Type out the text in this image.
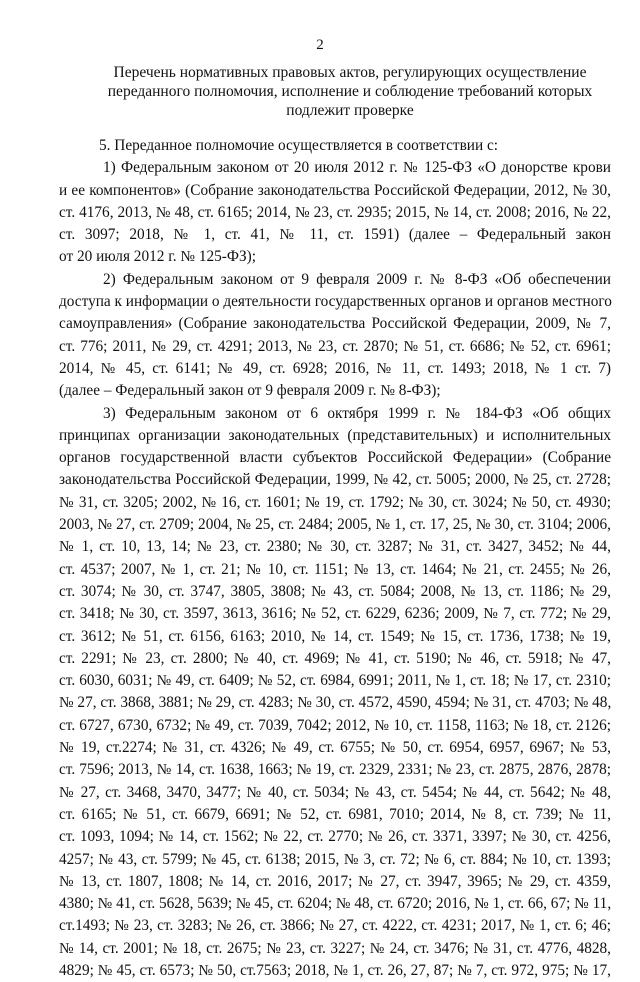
2
Перечень нормативных правовых актов, регулирующих осуществление
переданного полномочия, исполнение и соблюдение требований которых
подлежит проверке
5. Переданное полномочие осуществляется в соответствии с:
1) Федеральным законом от 20 июля 2012 г. № 125-ФЗ «О донорстве крови
и ее компонентов» (Собрание законодательства Российской Федерации, 2012, № 30,
ст. 4176, 2013, № 48, ст. 6165; 2014, № 23, ст. 2935; 2015, № 14, ст. 2008; 2016, № 22,
ст. 3097; 2018, № 1, ст. 41, № 11, ст. 1591) (далее – Федеральный закон
от 20 июля 2012 г. № 125-ФЗ);
2) Федеральным законом от 9 февраля 2009 г. № 8-ФЗ «Об обеспечении
доступа к информации о деятельности государственных органов и органов местного
самоуправления» (Собрание законодательства Российской Федерации, 2009, № 7,
ст. 776; 2011, № 29, ст. 4291; 2013, № 23, ст. 2870; № 51, ст. 6686; № 52, ст. 6961;
2014, № 45, ст. 6141; № 49, ст. 6928; 2016, № 11, ст. 1493; 2018, № 1 ст. 7)
(далее – Федеральный закон от 9 февраля 2009 г. № 8-ФЗ);
3) Федеральным законом от 6 октября 1999 г. № 184-ФЗ «Об общих
принципах организации законодательных (представительных) и исполнительных
органов государственной власти субъектов Российской Федерации» (Собрание
законодательства Российской Федерации, 1999, № 42, ст. 5005; 2000, № 25, ст. 2728;
№ 31, ст. 3205; 2002, № 16, ст. 1601; № 19, ст. 1792; № 30, ст. 3024; № 50, ст. 4930;
2003, № 27, ст. 2709; 2004, № 25, ст. 2484; 2005, № 1, ст. 17, 25, № 30, ст. 3104; 2006,
№ 1, ст. 10, 13, 14; № 23, ст. 2380; № 30, ст. 3287; № 31, ст. 3427, 3452; № 44,
ст. 4537; 2007, № 1, ст. 21; № 10, ст. 1151; № 13, ст. 1464; № 21, ст. 2455; № 26,
ст. 3074; № 30, ст. 3747, 3805, 3808; № 43, ст. 5084; 2008, № 13, ст. 1186; № 29,
ст. 3418; № 30, ст. 3597, 3613, 3616; № 52, ст. 6229, 6236; 2009, № 7, ст. 772; № 29,
ст. 3612; № 51, ст. 6156, 6163; 2010, № 14, ст. 1549; № 15, ст. 1736, 1738; № 19,
ст. 2291; № 23, ст. 2800; № 40, ст. 4969; № 41, ст. 5190; № 46, ст. 5918; № 47,
ст. 6030, 6031; № 49, ст. 6409; № 52, ст. 6984, 6991; 2011, № 1, ст. 18; № 17, ст. 2310;
№ 27, ст. 3868, 3881; № 29, ст. 4283; № 30, ст. 4572, 4590, 4594; № 31, ст. 4703; № 48,
ст. 6727, 6730, 6732; № 49, ст. 7039, 7042; 2012, № 10, ст. 1158, 1163; № 18, ст. 2126;
№ 19, ст.2274; № 31, ст. 4326; № 49, ст. 6755; № 50, ст. 6954, 6957, 6967; № 53,
ст. 7596; 2013, № 14, ст. 1638, 1663; № 19, ст. 2329, 2331; № 23, ст. 2875, 2876, 2878;
№ 27, ст. 3468, 3470, 3477; № 40, ст. 5034; № 43, ст. 5454; № 44, ст. 5642; № 48,
ст. 6165; № 51, ст. 6679, 6691; № 52, ст. 6981, 7010; 2014, № 8, ст. 739; № 11,
ст. 1093, 1094; № 14, ст. 1562; № 22, ст. 2770; № 26, ст. 3371, 3397; № 30, ст. 4256,
4257; № 43, ст. 5799; № 45, ст. 6138; 2015, № 3, ст. 72; № 6, ст. 884; № 10, ст. 1393;
№ 13, ст. 1807, 1808; № 14, ст. 2016, 2017; № 27, ст. 3947, 3965; № 29, ст. 4359,
4380; № 41, ст. 5628, 5639; № 45, ст. 6204; № 48, ст. 6720; 2016, № 1, ст. 66, 67; № 11,
ст.1493; № 23, ст. 3283; № 26, ст. 3866; № 27, ст. 4222, ст. 4231; 2017, № 1, ст. 6; 46;
№ 14, ст. 2001; № 18, ст. 2675; № 23, ст. 3227; № 24, ст. 3476; № 31, ст. 4776, 4828,
4829; № 45, ст. 6573; № 50, ст.7563; 2018, № 1, ст. 26, 27, 87; № 7, ст. 972, 975; № 17,
